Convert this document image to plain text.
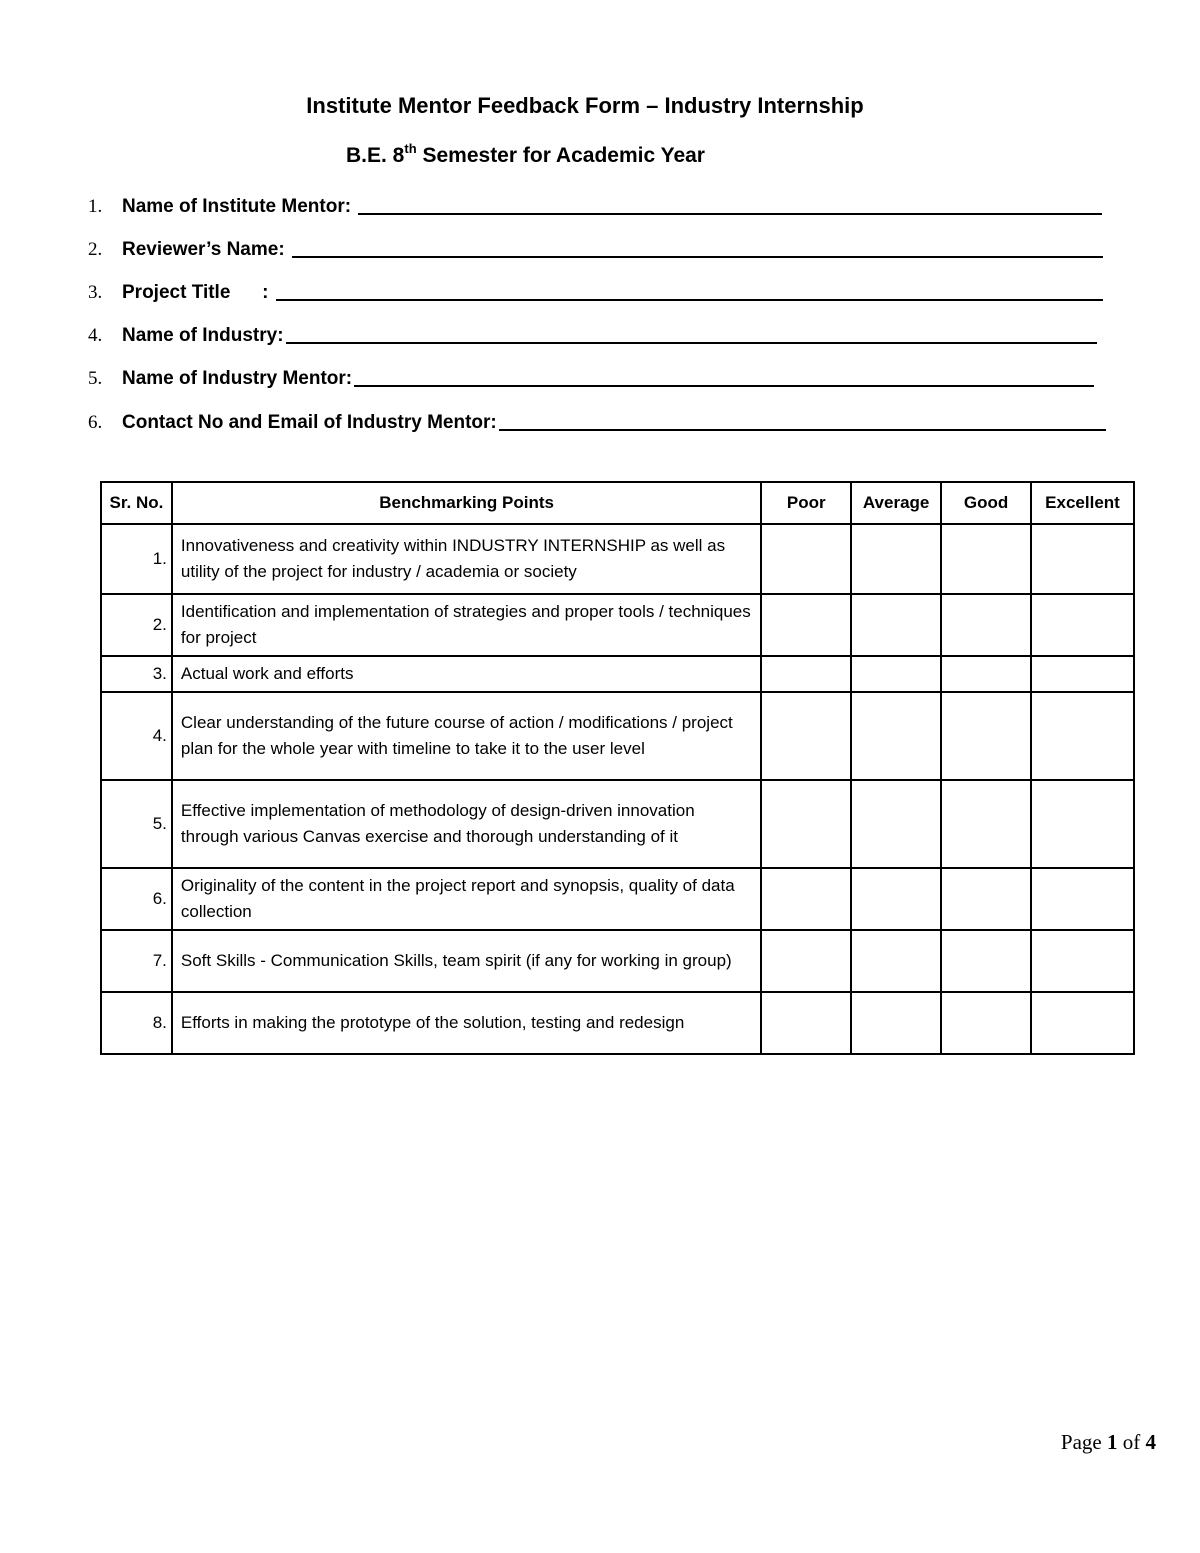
Institute Mentor Feedback Form – Industry Internship
B.E. 8th Semester for Academic Year
1.	Name of Institute Mentor:
2.	Reviewer’s Name:
3.	Project Title      :
4.	Name of Industry:
5.	Name of Industry Mentor:
6.	Contact No and Email of Industry Mentor:
Sr. No.	Benchmarking Points	Poor	Average	Good	Excellent
1.	Innovativeness and creativity within INDUSTRY INTERNSHIP as well as utility of the project for industry / academia or society				
2.	Identification and implementation of strategies and proper tools / techniques for project				
3.	Actual work and efforts				
4.	Clear understanding of the future course of action / modifications / project plan for the whole year with timeline to take it to the user level				
5.	Effective implementation of methodology of design-driven innovation through various Canvas exercise and thorough understanding of it				
6.	Originality of the content in the project report and synopsis, quality of data collection				
7.	Soft Skills - Communication Skills, team spirit (if any for working in group)				
8.	Efforts in making the prototype of the solution, testing and redesign				
Page 1 of 4
